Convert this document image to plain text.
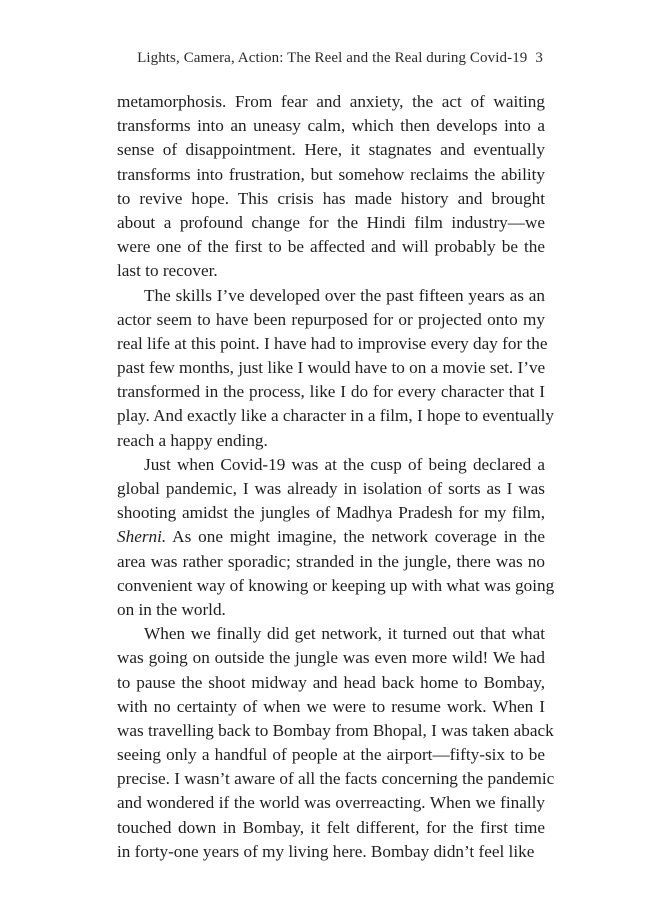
Lights, Camera, Action: The Reel and the Real during Covid-19 3
metamorphosis. From fear and anxiety, the act of waiting
transforms into an uneasy calm, which then develops into a
sense of disappointment. Here, it stagnates and eventually
transforms into frustration, but somehow reclaims the ability
to revive hope. This crisis has made history and brought
about a profound change for the Hindi film industry—we
were one of the first to be affected and will probably be the
last to recover.
The skills I’ve developed over the past fifteen years as an
actor seem to have been repurposed for or projected onto my
real life at this point. I have had to improvise every day for the
past few months, just like I would have to on a movie set. I’ve
transformed in the process, like I do for every character that I
play. And exactly like a character in a film, I hope to eventually
reach a happy ending.
Just when Covid-19 was at the cusp of being declared a
global pandemic, I was already in isolation of sorts as I was
shooting amidst the jungles of Madhya Pradesh for my film,
Sherni. As one might imagine, the network coverage in the
area was rather sporadic; stranded in the jungle, there was no
convenient way of knowing or keeping up with what was going
on in the world.
When we finally did get network, it turned out that what
was going on outside the jungle was even more wild! We had
to pause the shoot midway and head back home to Bombay,
with no certainty of when we were to resume work. When I
was travelling back to Bombay from Bhopal, I was taken aback
seeing only a handful of people at the airport—fifty-six to be
precise. I wasn’t aware of all the facts concerning the pandemic
and wondered if the world was overreacting. When we finally
touched down in Bombay, it felt different, for the first time
in forty-one years of my living here. Bombay didn’t feel like
